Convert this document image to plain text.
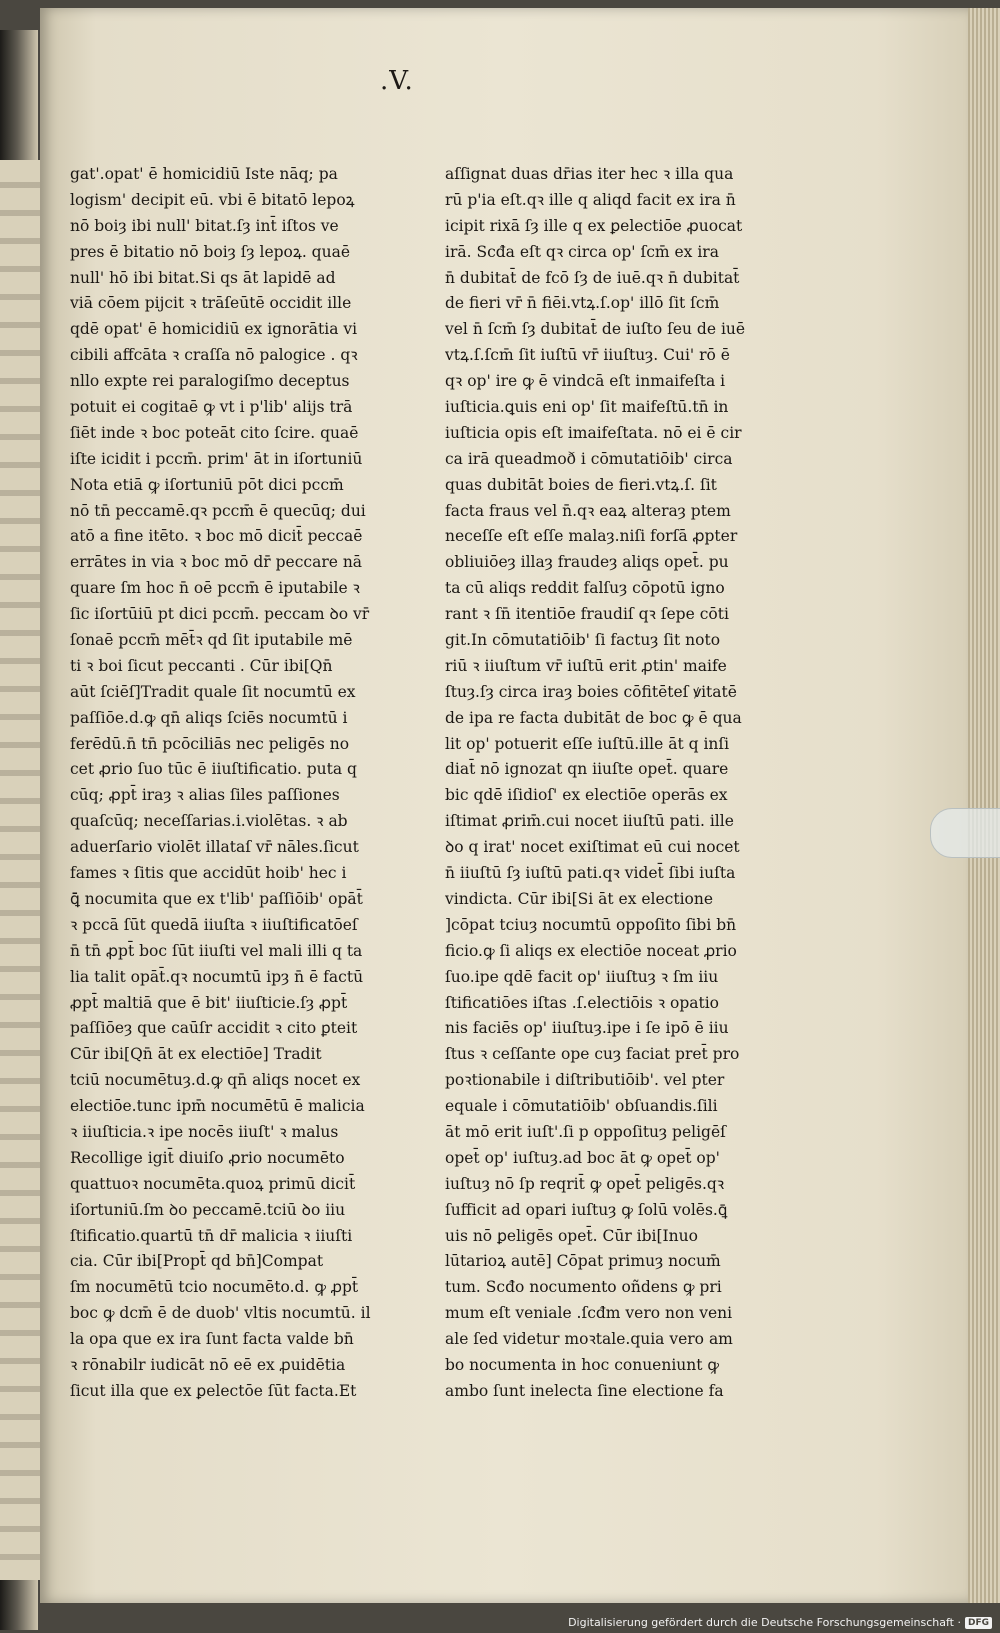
.V.
gat'.opat' ē homicidiū Iste nāq; pa
logism' decipit eū. vbi ē bitatō lepoꝝ
nō boiȝ ibi null' bitat.ſȝ int̄ iſtos ve
pres ē bitatio nō boiȝ ſȝ lepoꝝ. quaē
null' hō ibi bitat.Si qs āt lapidē ad
viā cōem pijcit ꝛ trāſeūtē occidit ille
qdē opat' ē homicidiū ex ignorātia vi
cibili affcāta ꝛ craſſa nō palogice . qꝛ
nllo expte rei paralogiſmo deceptus
potuit ei cogitaē ꝙ vt i p'lib' alijs trā
ſiēt inde ꝛ boc poteāt cito ſcire. quaē
iſte icidit i pccm̄. prim' āt in iſortuniū
Nota etiā ꝙ iſortuniū pōt dici pccm̄
nō tn̄ peccamē.qꝛ pccm̄ ē quecūq; dui
atō a fine itēto. ꝛ boc mō dicit̄ peccaē
errātes in via ꝛ boc mō dr̄ peccare nā
quare ſm hoc n̄ oē pccm̄ ē iputabile ꝛ
ſic iſortūiū pt dici pccm̄. peccam ꝺo vr̄
ſonaē pccm̄ mēt̄ꝛ qd ſit iputabile mē
ti ꝛ boi ſicut peccanti . Cūr ibi[Qn̄
aūt ſciēſ]Tradit quale ſit nocumtū ex
paſſiōe.d.ꝙ qn̄ aliqs ſciēs nocumtū i
ferēdū.n̄ tn̄ pcōciliās nec peligēs no
cet ꝓrio ſuo tūc ē iiuſtificatio. puta q
cūq; ꝓpt̄ iraȝ ꝛ alias ſiles paſſiones
quaſcūq; neceſſarias.i.violētas. ꝛ ab
aduerſario violēt illataſ vr̄ nāles.ſicut
fames ꝛ ſitis que accidūt hoib' hec i
ꝗ̄ nocumita que ex t'lib' paſſiōib' opāt̄
ꝛ pccā ſūt quedā iiuſta ꝛ iiuſtificatōeſ
n̄ tn̄ ꝓpt̄ boc ſūt iiuſti vel mali illi q ta
lia talit opāt̄.qꝛ nocumtū ipȝ n̄ ē factū
ꝓpt̄ maltiā que ē bit' iiuſticie.ſȝ ꝓpt̄
paſſiōeȝ que caūſr accidit ꝛ cito ꝑteit
Cūr ibi[Qn̄ āt ex electiōe] Tradit
tciū nocumētuȝ.d.ꝙ qn̄ aliqs nocet ex
electiōe.tunc ipm̄ nocumētū ē malicia
ꝛ iiuſticia.ꝛ ipe nocēs iiuſt' ꝛ malus
Recollige igit̄ diuiſo ꝓrio nocumēto
quattuoꝛ nocumēta.quoꝝ primū dicit̄
iſortuniū.ſm ꝺo peccamē.tciū ꝺo iiu
ſtificatio.quartū tn̄ dr̄ malicia ꝛ iiuſti
cia. Cūr ibi[Propt̄ qd bn̄]Compat
ſm nocumētū tcio nocumēto.d. ꝙ ꝓpt̄
boc ꝙ dcm̄ ē de duob' vltis nocumtū. il
la opa que ex ira ſunt facta valde bn̄
ꝛ rōnabilr iudicāt nō eē ex ꝓuidētia
ſicut illa que ex ꝑelectōe ſūt facta.Et
aſſignat duas dr̄ias iter hec ꝛ illa qua
rū p'ia eſt.qꝛ ille q aliqd facit ex ira n̄
icipit rixā ſȝ ille q ex ꝑelectiōe ꝓuocat
irā. Scđa eſt qꝛ circa op' ſcm̄ ex ira
n̄ dubitat̄ de fcō ſȝ de iuē.qꝛ n̄ dubitat̄
de fieri vr̄ n̄ fiēi.vtꝝ.ſ.op' illō ſit ſcm̄
vel n̄ ſcm̄ ſȝ dubitat̄ de iuſto ſeu de iuē
vtꝝ.ſ.ſcm̄ ſit iuſtū vr̄ iiuſtuȝ. Cui' rō ē
qꝛ op' ire ꝙ ē vindcā eſt inmaifeſta i
iuſticia.ꝗuis eni op' ſit maifeſtū.tn̄ in
iuſticia opis eſt imaifeſtata. nō ei ē cir
ca irā queadmoð i cōmutatiōib' circa
quas dubitāt boies de fieri.vtꝝ.ſ. ſit
facta fraus vel n̄.qꝛ eaꝝ alteraȝ ptem
neceſſe eſt eſſe malaȝ.niſi forſā ꝓpter
obliuiōeȝ illaȝ fraudeȝ aliqs opet̄. pu
ta cū aliqs reddit falſuȝ cōpotū igno
rant ꝛ ſn̄ itentiōe fraudiſ qꝛ ſepe cōti
git.In cōmutatiōib' ſi factuȝ ſit noto
riū ꝛ iiuſtum vr̄ iuſtū erit ꝓtin' maife
ſtuȝ.ſȝ circa iraȝ boies cōfitēteſ ꝟitatē
de ipa re facta dubitāt de boc ꝙ ē qua
lit op' potuerit eſſe iuſtū.ille āt q inſi
diat̄ nō ignozat qn iiuſte opet̄. quare
bic qdē iſidioſ' ex electiōe operās ex
iſtimat ꝓrim̄.cui nocet iiuſtū pati. ille
ꝺo q irat' nocet exiſtimat eū cui nocet
n̄ iiuſtū ſȝ iuſtū pati.qꝛ videt̄ ſibi iuſta
vindicta. Cūr ibi[Si āt ex electione
]cōpat tciuȝ nocumtū oppoſito ſibi bn̄
ficio.ꝙ ſi aliqs ex electiōe noceat ꝓrio
ſuo.ipe qdē facit op' iiuſtuȝ ꝛ ſm iiu
ſtificatiōes iſtas .ſ.electiōis ꝛ opatio
nis faciēs op' iiuſtuȝ.ipe i ſe ipō ē iiu
ſtus ꝛ ceſſante ope cuȝ faciat pret̄ pro
poꝛtionabile i diſtributiōib'. vel pter
equale i cōmutatiōib' obſuandis.ſili
āt mō erit iuſt'.ſi p oppoſituȝ peligēſ
opet̄ op' iuſtuȝ.ad boc āt ꝙ opet̄ op'
iuſtuȝ nō ſp reqrit̄ ꝙ opet̄ peligēs.qꝛ
ſufficit ad opari iuſtuȝ ꝙ ſolū volēs.ꝗ̄
uis nō ꝑeligēs opet̄. Cūr ibi[Inuo
lūtarioꝝ autē] Cōpat primuȝ nocum̄
tum. Scđo nocumento oñdens ꝙ pri
mum eſt veniale .ſcđm vero non veni
ale ſed videtur moꝛtale.quia vero am
bo nocumenta in hoc conueniunt ꝙ
ambo ſunt inelecta ſine electione fa
Digitalisierung gefördert durch die Deutsche Forschungsgemeinschaft · DFG
